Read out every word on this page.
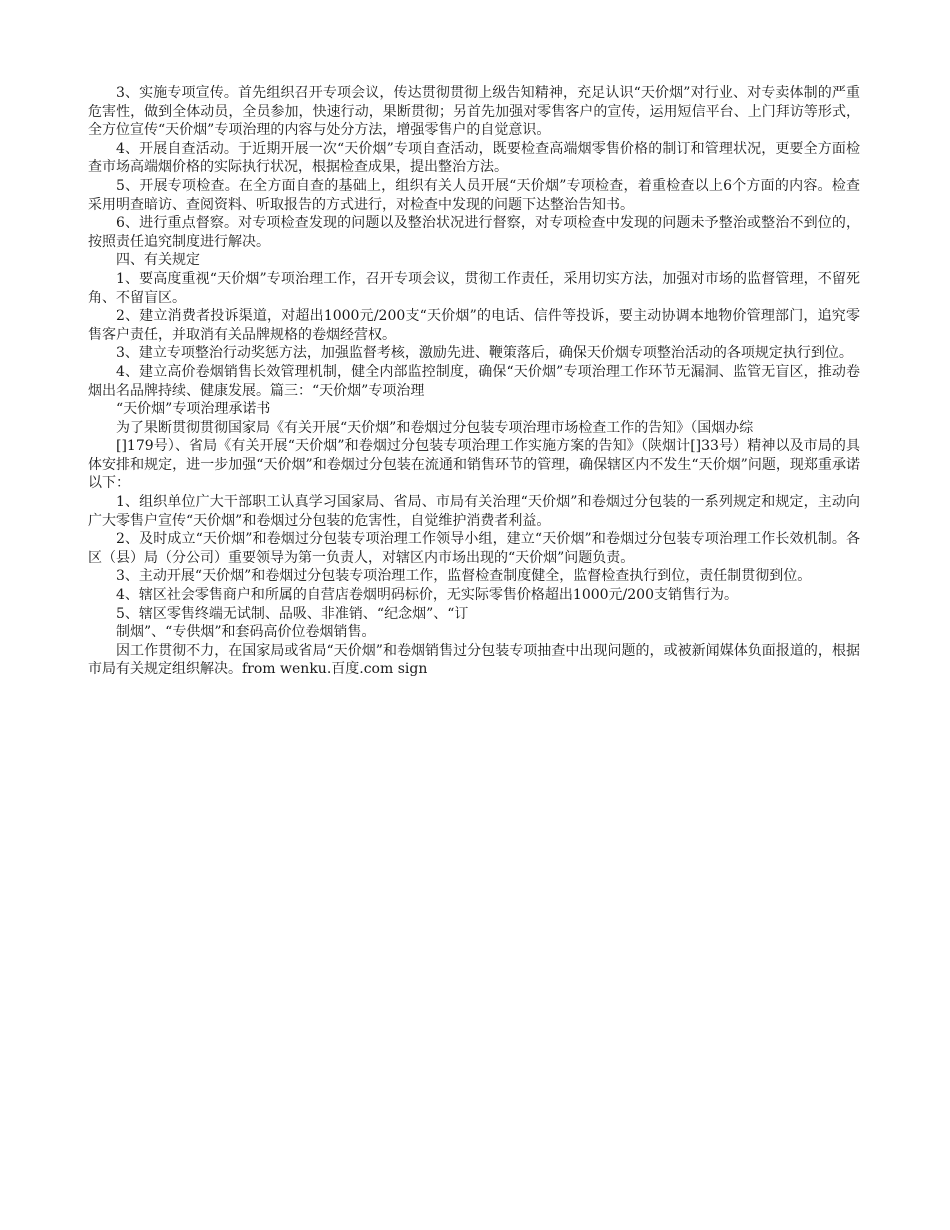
3、实施专项宣传。首先组织召开专项会议，传达贯彻贯彻上级告知精神，充足认识“天价烟”对行业、对专卖体制的严重危害性，做到全体动员，全员参加，快速行动，果断贯彻；另首先加强对零售客户的宣传，运用短信平台、上门拜访等形式，全方位宣传“天价烟”专项治理的内容与处分方法，增强零售户的自觉意识。

4、开展自查活动。于近期开展一次“天价烟”专项自查活动，既要检查高端烟零售价格的制订和管理状况，更要全方面检查市场高端烟价格的实际执行状况，根据检查成果，提出整治方法。

5、开展专项检查。在全方面自查的基础上，组织有关人员开展“天价烟”专项检查，着重检查以上6个方面的内容。检查采用明查暗访、查阅资料、听取报告的方式进行，对检查中发现的问题下达整治告知书。

6、进行重点督察。对专项检查发现的问题以及整治状况进行督察，对专项检查中发现的问题未予整治或整治不到位的，按照责任追究制度进行解决。

四、有关规定

1、要高度重视“天价烟”专项治理工作，召开专项会议，贯彻工作责任，采用切实方法，加强对市场的监督管理，不留死角、不留盲区。

2、建立消费者投诉渠道，对超出1000元/200支“天价烟”的电话、信件等投诉，要主动协调本地物价管理部门，追究零售客户责任，并取消有关品牌规格的卷烟经营权。

3、建立专项整治行动奖惩方法，加强监督考核，激励先进、鞭策落后，确保天价烟专项整治活动的各项规定执行到位。

4、建立高价卷烟销售长效管理机制，健全内部监控制度，确保“天价烟”专项治理工作环节无漏洞、监管无盲区，推动卷烟出名品牌持续、健康发展。篇三：“天价烟”专项治理

“天价烟”专项治理承诺书

为了果断贯彻贯彻国家局《有关开展“天价烟”和卷烟过分包装专项治理市场检查工作的告知》（国烟办综

[]179号）、省局《有关开展“天价烟”和卷烟过分包装专项治理工作实施方案的告知》（陕烟计[]33号）精神以及市局的具体安排和规定，进一步加强“天价烟”和卷烟过分包装在流通和销售环节的管理，确保辖区内不发生“天价烟”问题，现郑重承诺以下：

1、组织单位广大干部职工认真学习国家局、省局、市局有关治理“天价烟”和卷烟过分包装的一系列规定和规定，主动向广大零售户宣传“天价烟”和卷烟过分包装的危害性，自觉维护消费者利益。

2、及时成立“天价烟”和卷烟过分包装专项治理工作领导小组，建立“天价烟”和卷烟过分包装专项治理工作长效机制。各区（县）局（分公司）重要领导为第一负责人，对辖区内市场出现的“天价烟”问题负责。

3、主动开展“天价烟”和卷烟过分包装专项治理工作，监督检查制度健全，监督检查执行到位，责任制贯彻到位。

4、辖区社会零售商户和所属的自营店卷烟明码标价，无实际零售价格超出1000元/200支销售行为。

5、辖区零售终端无试制、品吸、非准销、“纪念烟”、“订

制烟”、“专供烟”和套码高价位卷烟销售。

因工作贯彻不力，在国家局或省局“天价烟”和卷烟销售过分包装专项抽查中出现问题的，或被新闻媒体负面报道的，根据市局有关规定组织解决。from wenku.百度.com sign
